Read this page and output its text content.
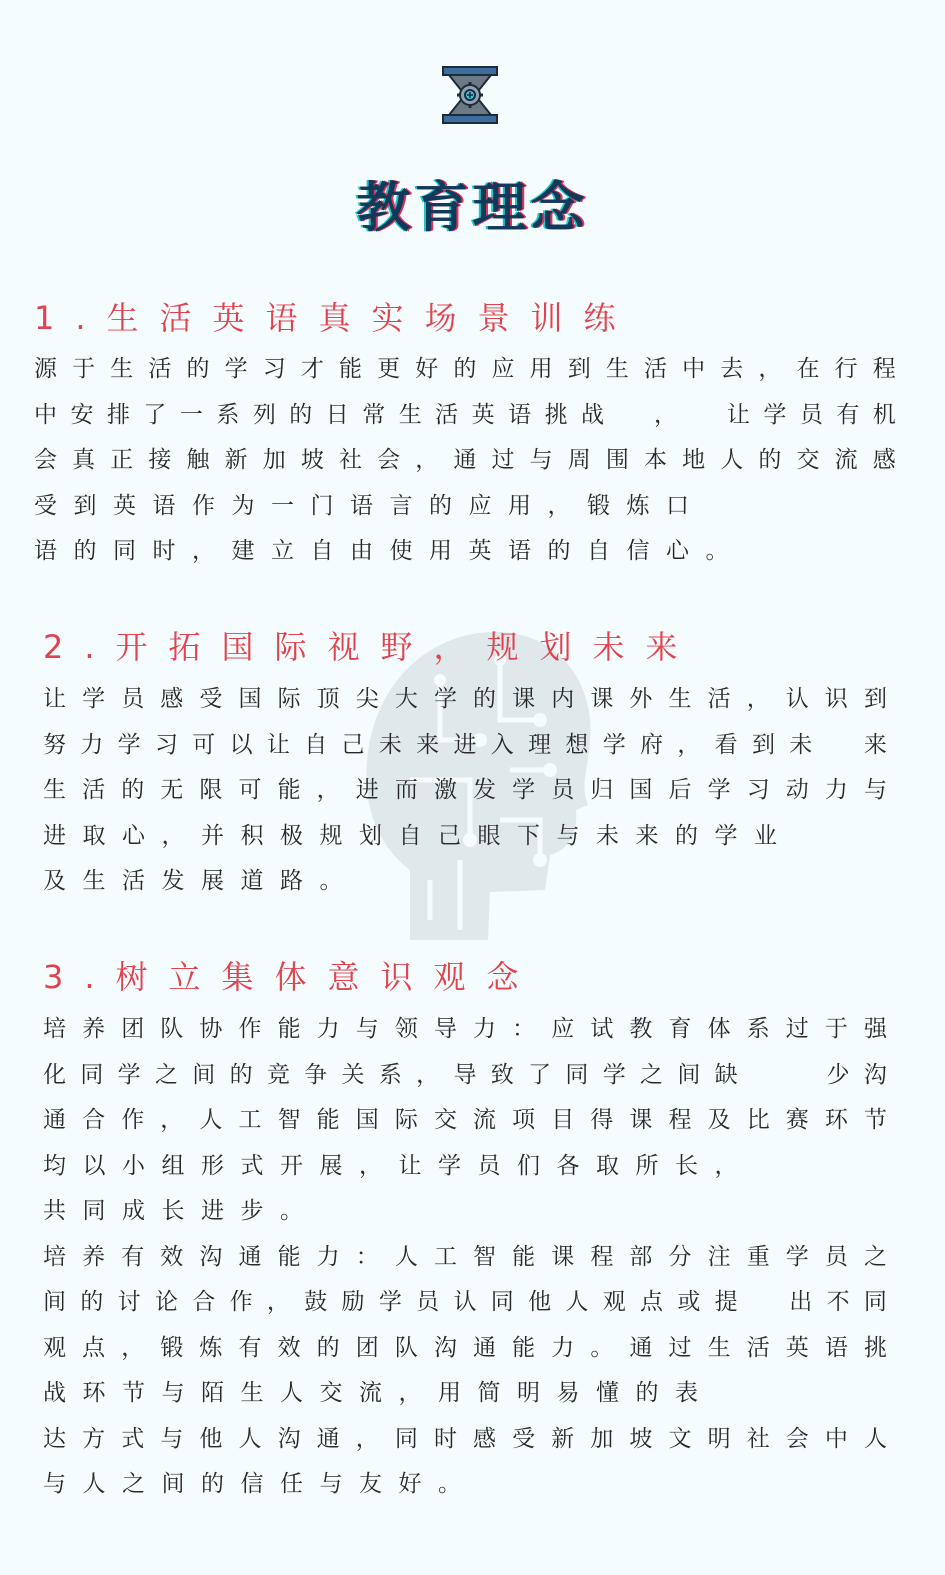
教育理念
1.生活英语真实场景训练
源 于 生 活 的 学 习 才 能 更 好 的 应 用 到 生 活 中 去 ， 在 行 程
中 安 排 了 一 系 列 的 日 常 生 活 英 语 挑 战
　 ，
　 让 学 员 有 机
会 真 正 接 触 新 加 坡 社 会 ， 通 过 与 周 围 本 地 人 的 交 流 感
受到英语作为一门语言的应用，锻炼口
语的同时，建立自由使用英语的自信心。
2.开拓国际视野，规划未来
让 学 员 感 受 国 际 顶 尖 大 学 的 课 内 课 外 生 活 ， 认 识 到
努 力 学 习 可 以 让 自 己 未 来 进 入 理 想 学 府 ， 看 到 未
　 来
生 活 的 无 限 可 能 ， 进 而 激 发 学 员 归 国 后 学 习 动 力 与
进取心，并积极规划自己眼下与未来的学业
及生活发展道路。
3.树立集体意识观念
培 养 团 队 协 作 能 力 与 领 导 力 ： 应 试 教 育 体 系 过 于 强
化 同 学 之 间 的 竞 争 关 系 ， 导 致 了 同 学 之 间 缺

　	少 沟
通 合 作 ， 人 工 智 能 国 际 交 流 项 目 得 课 程 及 比 赛 环 节
均以小组形式开展，让学员们各取所长，
共同成长进步。
培 养 有 效 沟 通 能 力 ： 人 工 智 能 课 程 部 分 注 重 学 员 之
间 的 讨 论 合 作 ， 鼓 励 学 员 认 同 他 人 观 点 或 提
　 出 不 同
观 点 ， 锻 炼 有 效 的 团 队 沟 通 能 力 。 通 过 生 活 英 语 挑
战环节与陌生人交流，用简明易懂的表
达 方 式 与 他 人 沟 通 ， 同 时 感 受 新 加 坡 文 明 社 会 中 人
与人之间的信任与友好。
